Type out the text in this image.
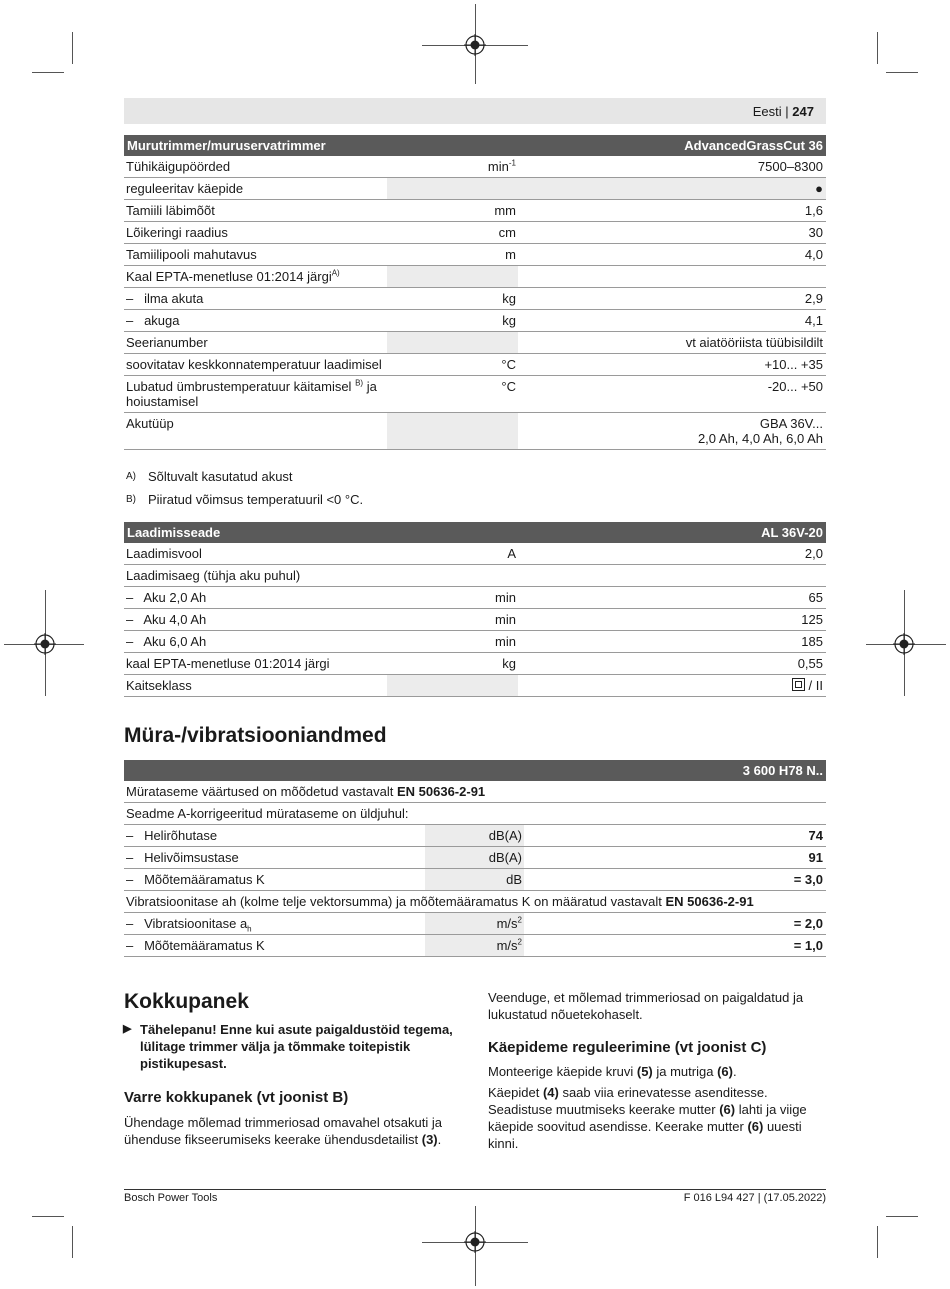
Eesti | 247
Murutrimmer/muruservatrimmer		AdvancedGrassCut 36
Tühikäigupöörded	$\min^{-1}$	7500–8300
reguleeritav käepide		●
Tamiili läbimõõt	mm	1,6
Lõikeringi raadius	cm	30
Tamiilipooli mahutavus	m	4,0
Kaal EPTA-menetluse 01:2014 järgi$^{A)}$		
–   ilma akuta	kg	2,9
–   akuga	kg	4,1
Seerianumber		vt aiatööriista tüübisildilt
soovitatav keskkonnatemperatuur laadimisel	°C	+10... +35
Lubatud ümbrustemperatuur käitamisel $^{B)}$ ja hoiustamisel	°C	-20... +50
Akutüüp		GBA 36V...
2,0 Ah, 4,0 Ah, 6,0 Ah
A) Sõltuvalt kasutatud akust
B) Piiratud võimsus temperatuuril <0 °C.
Laadimisseade		AL 36V-20
Laadimisvool	A	2,0
Laadimisaeg (tühja aku puhul)		
–   Aku 2,0 Ah	min	65
–   Aku 4,0 Ah	min	125
–   Aku 6,0 Ah	min	185
kaal EPTA-menetluse 01:2014 järgi	kg	0,55
Kaitseklass		/ II
Müra-/vibratsiooniandmed
3 600 H78 N..		
Mürataseme väärtused on mõõdetud vastavalt EN 50636-2-91		
Seadme A-korrigeeritud mürataseme on üldjuhul:		
–   Helirõhutase	dB(A)	74
–   Helivõimsustase	dB(A)	91
–   Mõõtemääramatus K	dB	= 3,0
Vibratsioonitase ah (kolme telje vektorsumma) ja mõõtemääramatus K on määratud vastavalt EN 50636-2-91		
–   Vibratsioonitase $a_h$	$m/s^2$	= 2,0
–   Mõõtemääramatus K	$m/s^2$	= 1,0
Kokkupanek
▶ Tähelepanu! Enne kui asute paigaldustöid tegema, lülitage trimmer välja ja tõmmake toitepistik pistikupesast.
Varre kokkupanek (vt joonist B)
Ühendage mõlemad trimmeriosad omavahel otsakuti ja ühenduse fikseerumiseks keerake ühendusdetailist (3).
Veenduge, et mõlemad trimmeriosad on paigaldatud ja lukustatud nõuetekohaselt.
Käepideme reguleerimine (vt joonist C)
Monteerige käepide kruvi (5) ja mutriga (6).
Käepidet (4) saab viia erinevatesse asenditesse. Seadistuse muutmiseks keerake mutter (6) lahti ja viige käepide soovitud asendisse. Keerake mutter (6) uuesti kinni.
Bosch Power Tools	F 016 L94 427 | (17.05.2022)
